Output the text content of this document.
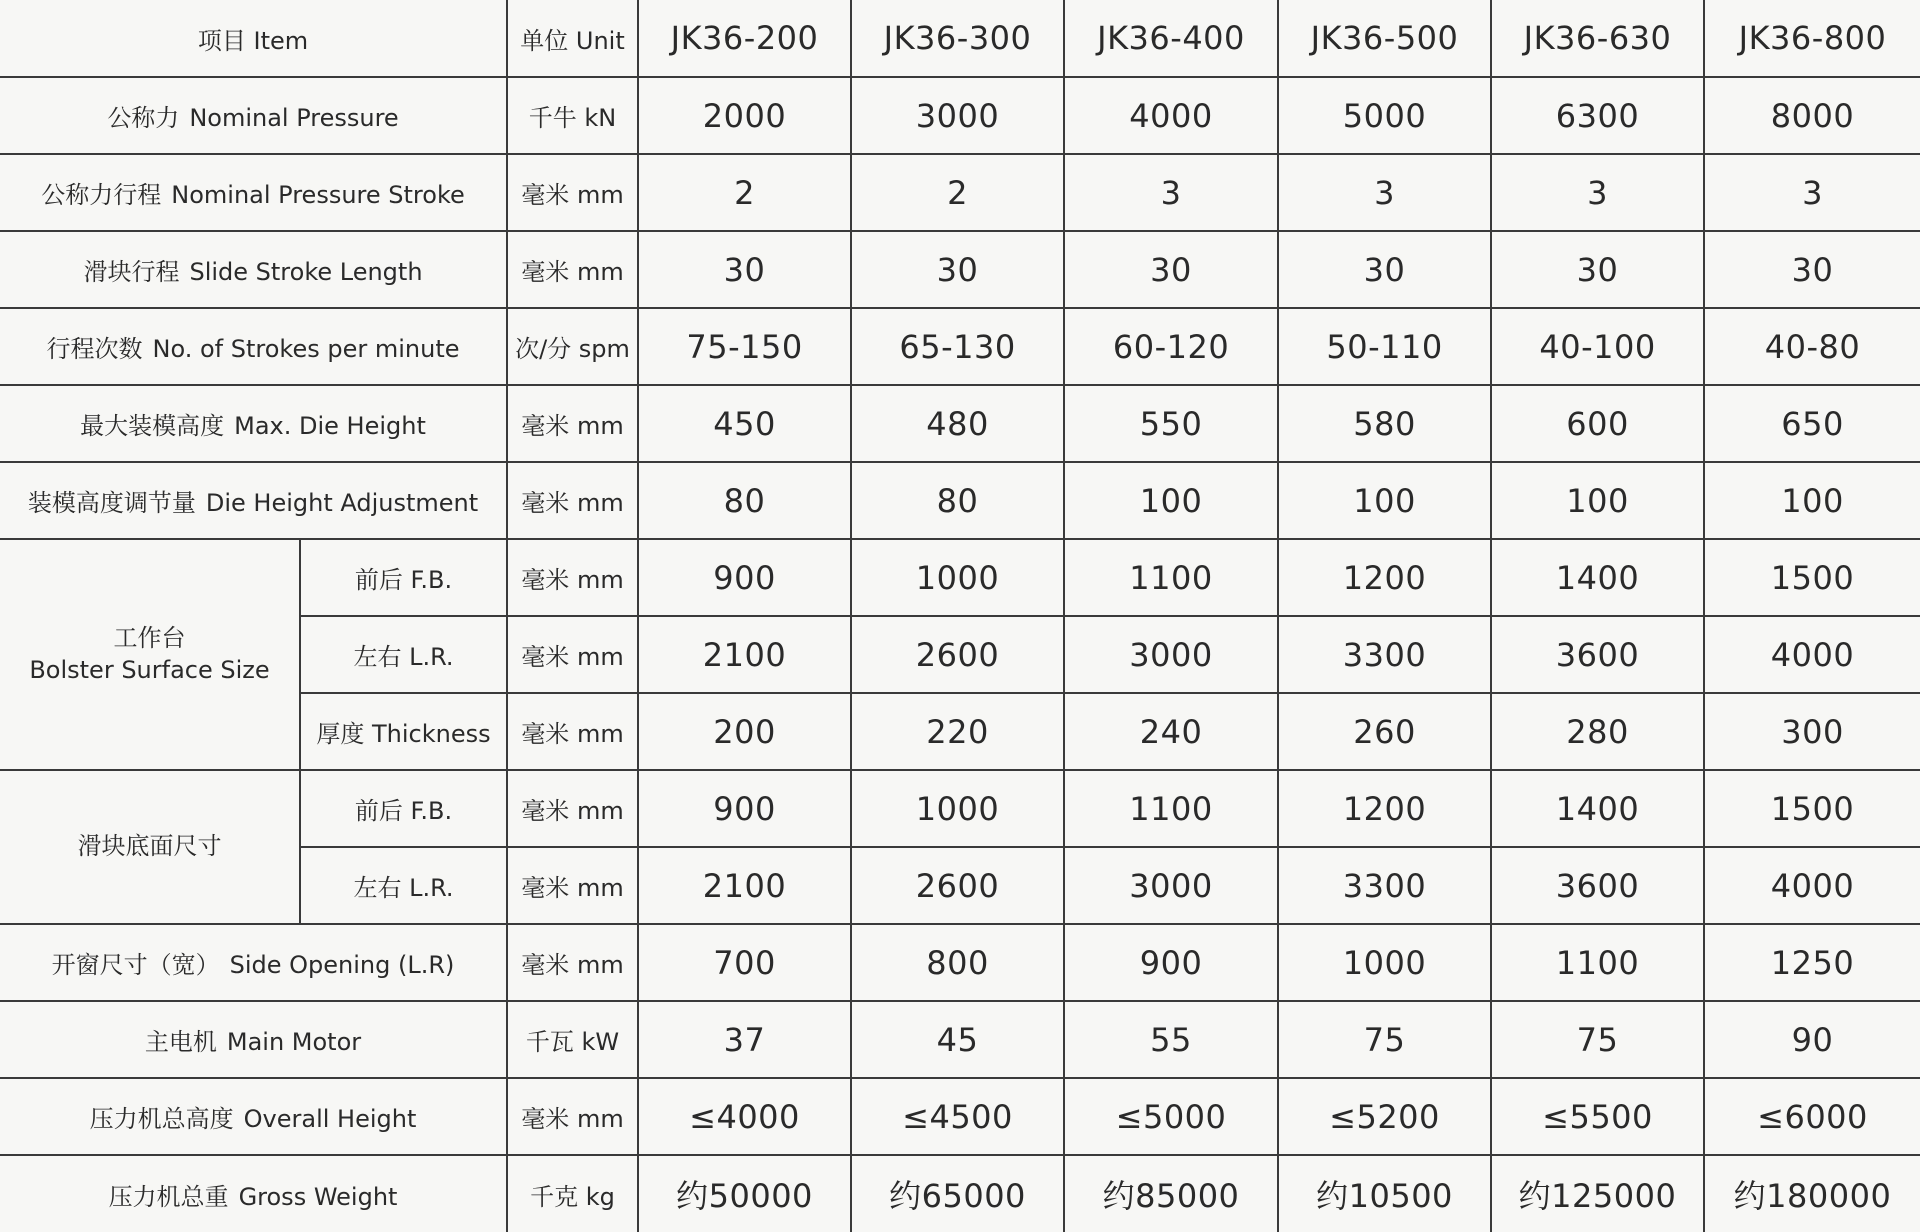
项目 Item		单位 Unit	JK36-200	JK36-300	JK36-400	JK36-500	JK36-630	JK36-800
公称力 Nominal Pressure		千牛 kN	2000	3000	4000	5000	6300	8000
公称力行程 Nominal Pressure Stroke		毫米 mm	2	2	3	3	3	3
滑块行程 Slide Stroke Length		毫米 mm	30	30	30	30	30	30
行程次数 No. of Strokes per minute		次/分 spm	75-150	65-130	60-120	50-110	40-100	40-80
最大装模高度 Max. Die Height		毫米 mm	450	480	550	580	600	650
装模高度调节量 Die Height Adjustment		毫米 mm	80	80	100	100	100	100

工作台
Bolster Surface Size	前后 F.B.	毫米 mm	900	1000	1100	1200	1400	1500
	左右 L.R.	毫米 mm	2100	2600	3000	3300	3600	4000
	厚度 Thickness	毫米 mm	200	220	240	260	280	300
滑块底面尺寸	前后 F.B.	毫米 mm	900	1000	1100	1200	1400	1500
	左右 L.R.	毫米 mm	2100	2600	3000	3300	3600	4000
开窗尺寸（宽） Side Opening (L.R)		毫米 mm	700	800	900	1000	1100	1250
主电机 Main Motor		千瓦 kW	37	45	55	75	75	90
压力机总高度 Overall Height		毫米 mm	≤4000	≤4500	≤5000	≤5200	≤5500	≤6000
压力机总重 Gross Weight		千克 kg	约50000	约65000	约85000	约10500	约125000	约180000
